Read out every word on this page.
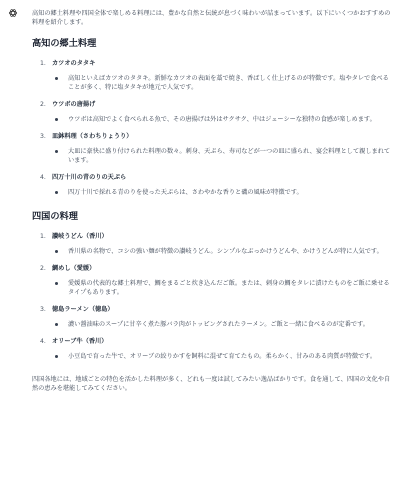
高知の郷土料理や四国全体で楽しめる料理には、豊かな自然と伝統が息づく味わいが詰まっています。以下にいくつかおすすめの料理を紹介します。

高知の郷土料理
1. カツオのタタキ
高知といえばカツオのタタキ。新鮮なカツオの表面を藁で焼き、香ばしく仕上げるのが特徴です。塩やタレで食べることが多く、特に塩タタキが地元で人気です。
2. ウツボの唐揚げ
ウツボは高知でよく食べられる魚で、その唐揚げは外はサクサク、中はジューシーな独特の食感が楽しめます。
3. 皿鉢料理（さわちりょうり）
大皿に豪快に盛り付けられた料理の数々。刺身、天ぷら、寿司などが一つの皿に盛られ、宴会料理として親しまれています。
4. 四万十川の青のりの天ぷら
四万十川で採れる青のりを使った天ぷらは、さわやかな香りと磯の風味が特徴です。
四国の料理
1. 讃岐うどん（香川）
香川県の名物で、コシの強い麺が特徴の讃岐うどん。シンプルなぶっかけうどんや、かけうどんが特に人気です。
2. 鯛めし（愛媛）
愛媛県の代表的な郷土料理で、鯛をまるごと炊き込んだご飯。または、刺身の鯛をタレに漬けたものをご飯に乗せるタイプもあります。
3. 徳島ラーメン（徳島）
濃い醤油味のスープに甘辛く煮た豚バラ肉がトッピングされたラーメン。ご飯と一緒に食べるのが定番です。
4. オリーブ牛（香川）
小豆島で育った牛で、オリーブの絞りかすを飼料に混ぜて育てたもの。柔らかく、甘みのある肉質が特徴です。

四国各地には、地域ごとの特色を活かした料理が多く、どれも一度は試してみたい逸品ばかりです。食を通して、四国の文化や自然の恵みを堪能してみてください。
